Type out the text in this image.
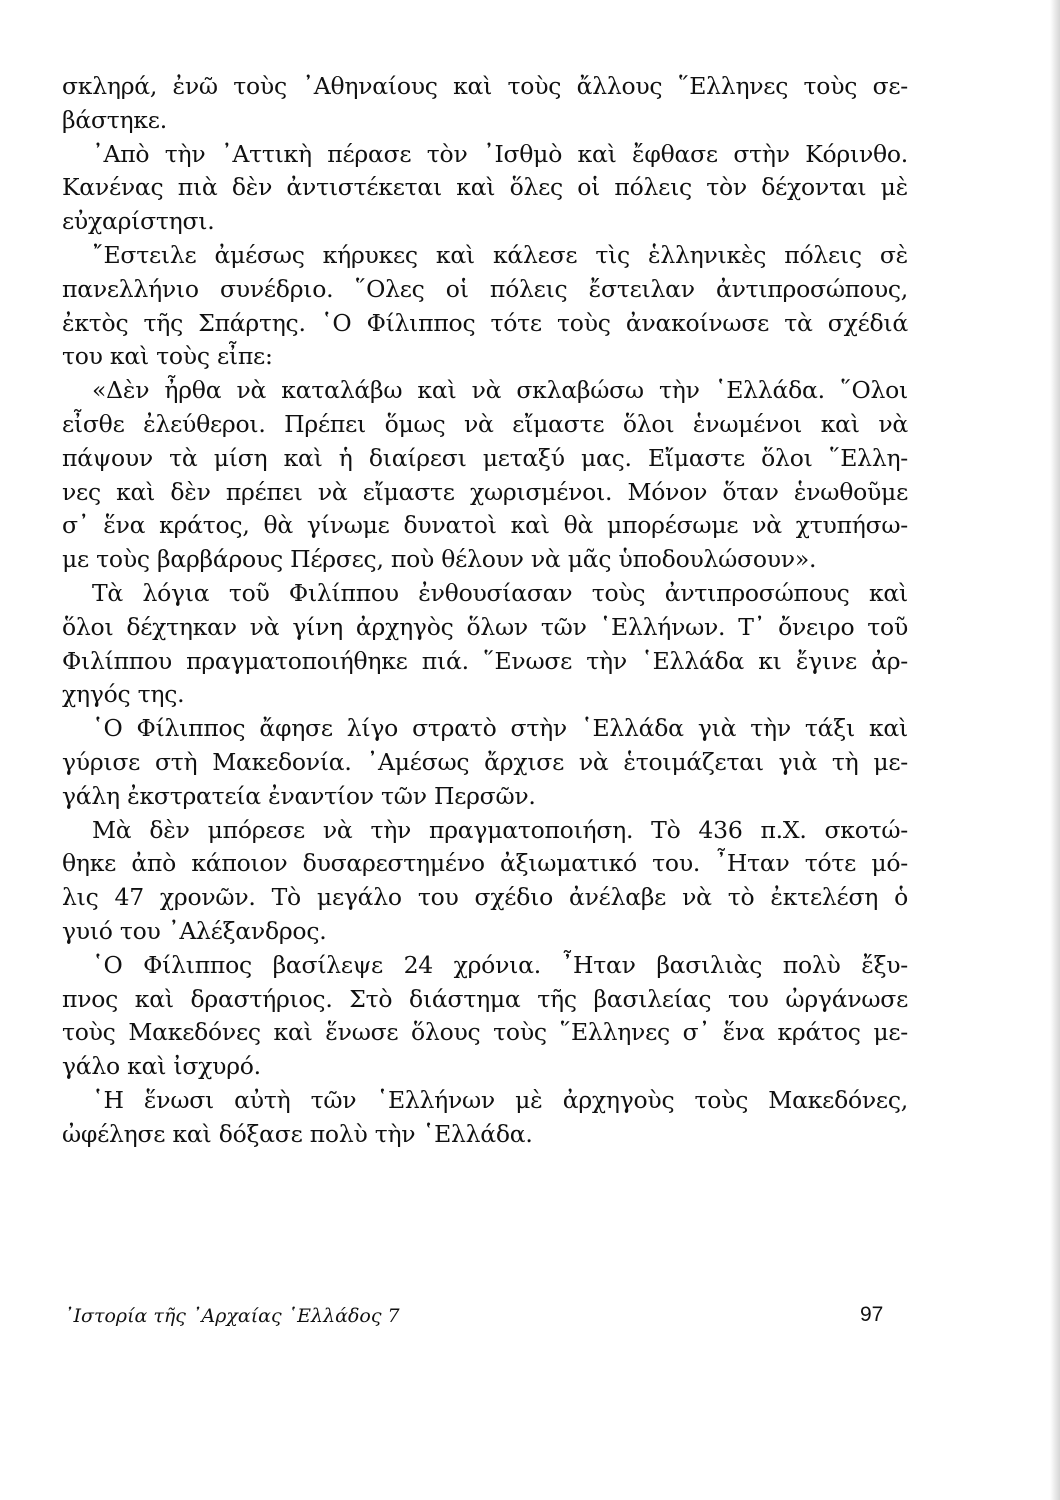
σκληρά, ἐνῶ τοὺς ᾿Αθηναίους καὶ τοὺς ἄλλους ῞Ελληνες τοὺς σε-
βάστηκε.

᾿Απὸ τὴν ᾿Αττικὴ πέρασε τὸν ᾿Ισθμὸ καὶ ἔφθασε στὴν Κόρινθο.
Κανένας πιὰ δὲν ἀντιστέκεται καὶ ὅλες οἱ πόλεις τὸν δέχονται μὲ
εὐχαρίστησι.

῎Εστειλε ἀμέσως κήρυκες καὶ κάλεσε τὶς ἑλληνικὲς πόλεις σὲ
πανελλήνιο συνέδριο. ῞Ολες οἱ πόλεις ἔστειλαν ἀντιπροσώπους,
ἐκτὸς τῆς Σπάρτης. ῾Ο Φίλιππος τότε τοὺς ἀνακοίνωσε τὰ σχέδιά
του καὶ τοὺς εἶπε:

«Δὲν ἦρθα νὰ καταλάβω καὶ νὰ σκλαβώσω τὴν ῾Ελλάδα. ῞Ολοι
εἶσθε ἐλεύθεροι. Πρέπει ὅμως νὰ εἴμαστε ὅλοι ἑνωμένοι καὶ νὰ
πάψουν τὰ μίση καὶ ἡ διαίρεσι μεταξύ μας. Εἴμαστε ὅλοι ῞Ελλη-
νες καὶ δὲν πρέπει νὰ εἴμαστε χωρισμένοι. Μόνον ὅταν ἑνωθοῦμε
σ᾿ ἕνα κράτος, θὰ γίνωμε δυνατοὶ καὶ θὰ μπορέσωμε νὰ χτυπήσω-
με τοὺς βαρβάρους Πέρσες, ποὺ θέλουν νὰ μᾶς ὑποδουλώσουν».

Τὰ λόγια τοῦ Φιλίππου ἐνθουσίασαν τοὺς ἀντιπροσώπους καὶ
ὅλοι δέχτηκαν νὰ γίνη ἀρχηγὸς ὅλων τῶν ῾Ελλήνων. Τ᾿ ὄνειρο τοῦ
Φιλίππου πραγματοποιήθηκε πιά. ῞Ενωσε τὴν ῾Ελλάδα κι ἔγινε ἀρ-
χηγός της.

῾Ο Φίλιππος ἄφησε λίγο στρατὸ στὴν ῾Ελλάδα γιὰ τὴν τάξι καὶ
γύρισε στὴ Μακεδονία. ᾿Αμέσως ἄρχισε νὰ ἑτοιμάζεται γιὰ τὴ με-
γάλη ἐκστρατεία ἐναντίον τῶν Περσῶν.

Μὰ δὲν μπόρεσε νὰ τὴν πραγματοποιήση. Τὸ 436 π.Χ. σκοτώ-
θηκε ἀπὸ κάποιον δυσαρεστημένο ἀξιωματικό του. ῏Ηταν τότε μό-
λις 47 χρονῶν. Τὸ μεγάλο του σχέδιο ἀνέλαβε νὰ τὸ ἐκτελέση ὁ
γυιό του ᾿Αλέξανδρος.

῾Ο Φίλιππος βασίλεψε 24 χρόνια. ῏Ηταν βασιλιὰς πολὺ ἔξυ-
πνος καὶ δραστήριος. Στὸ διάστημα τῆς βασιλείας του ὠργάνωσε
τοὺς Μακεδόνες καὶ ἕνωσε ὅλους τοὺς ῞Ελληνες σ᾿ ἕνα κράτος με-
γάλο καὶ ἰσχυρό.

῾Η ἕνωσι αὐτὴ τῶν ῾Ελλήνων μὲ ἀρχηγοὺς τοὺς Μακεδόνες,
ὠφέλησε καὶ δόξασε πολὺ τὴν ῾Ελλάδα.

᾿Ιστορία τῆς ᾿Αρχαίας ῾Ελλάδος 7	97
